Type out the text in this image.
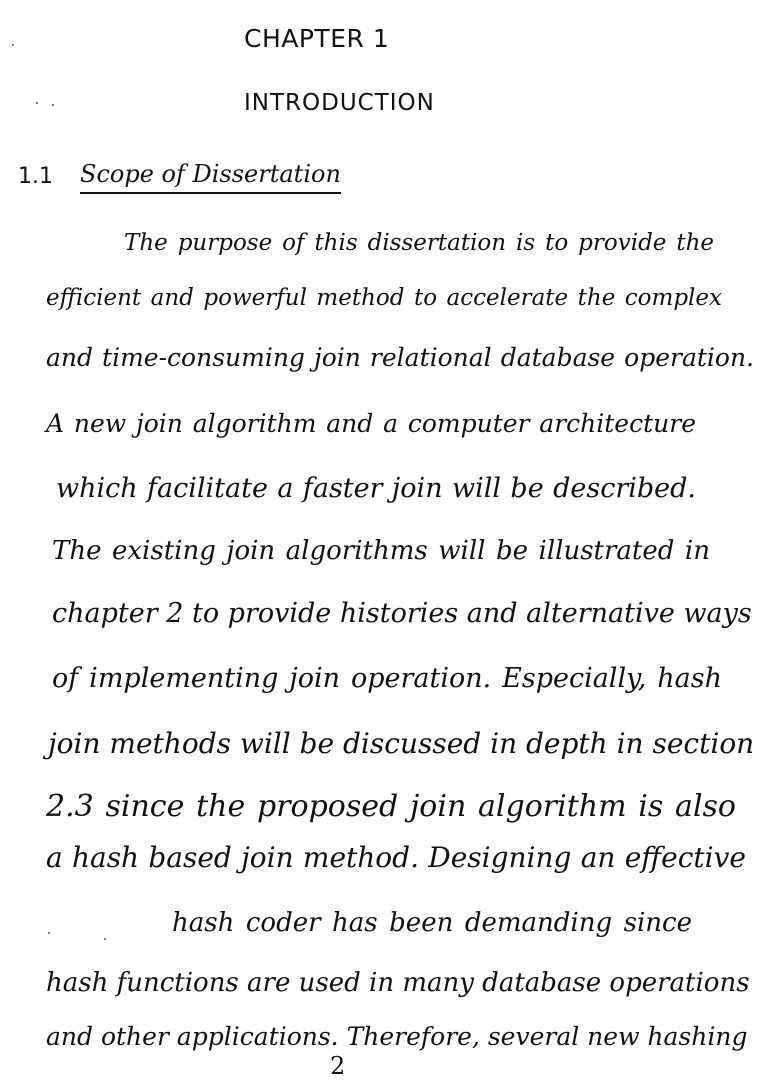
CHAPTER 1
INTRODUCTION
1.1 Scope of Dissertation
The purpose of this dissertation is to provide the
efficient and powerful method to accelerate the complex
and time-consuming join relational database operation.
A new join algorithm and a computer architecture
which facilitate a faster join will be described.
The existing join algorithms will be illustrated in
chapter 2 to provide histories and alternative ways
of implementing join operation. Especially, hash
join methods will be discussed in depth in section
2.3 since the proposed join algorithm is also
a hash based join method. Designing an effective
hash coder has been demanding since
hash functions are used in many database operations
and other applications. Therefore, several new hashing
2
